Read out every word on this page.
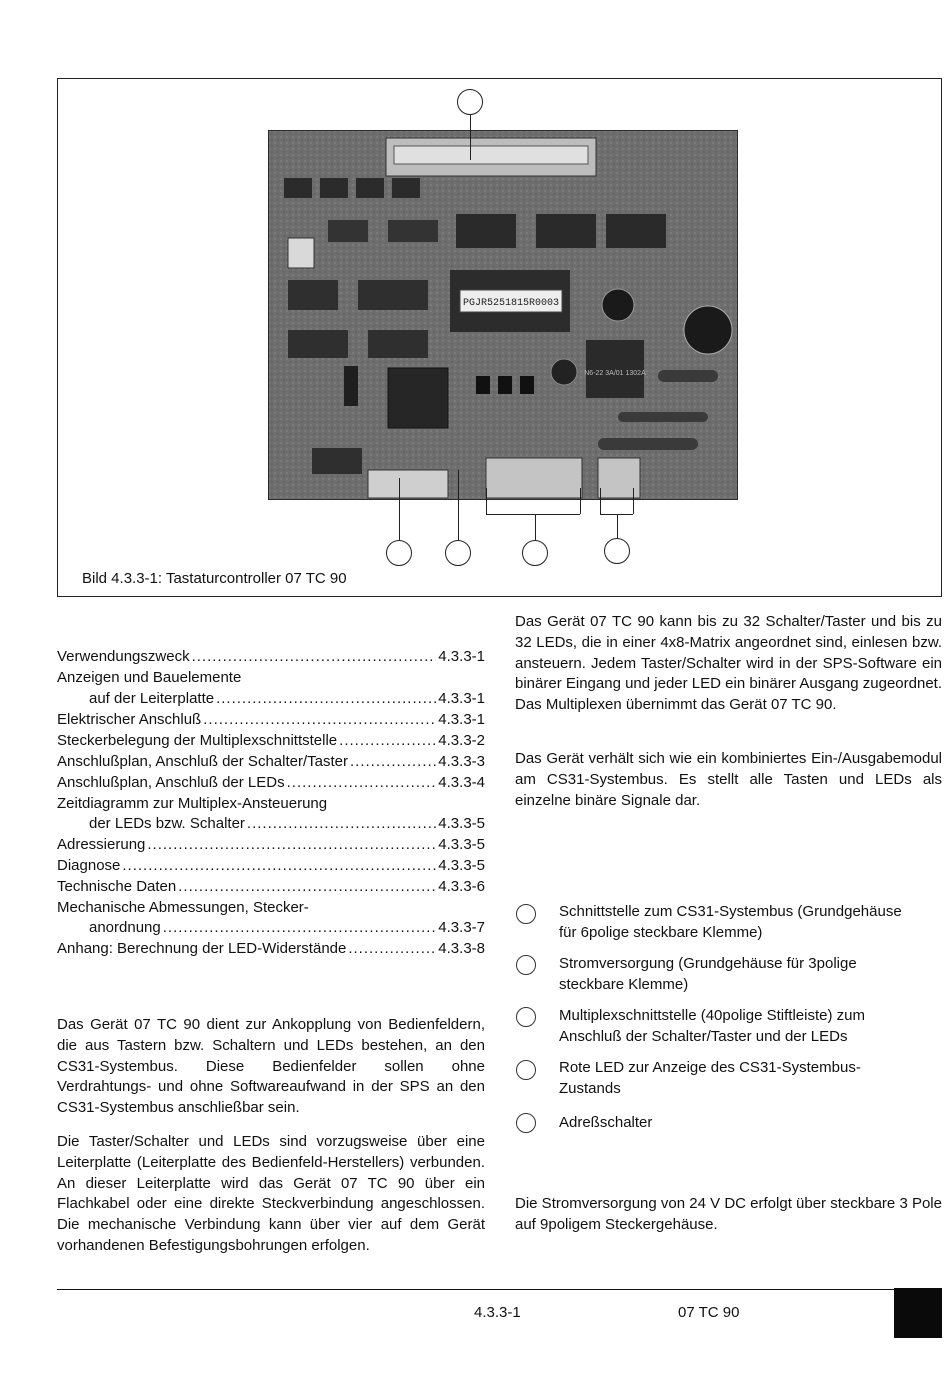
PGJR5251815R0003
N6-22 3A/01 1302A
Bild 4.3.3-1: Tastaturcontroller 07 TC 90
Verwendungszweck .....	4.3.3-1
Anzeigen und Bauelemente
auf der Leiterplatte .....	4.3.3-1
Elektrischer Anschluß .....	4.3.3-1
Steckerbelegung der Multiplexschnittstelle .....	4.3.3-2
Anschlußplan, Anschluß der Schalter/Taster .....	4.3.3-3
Anschlußplan, Anschluß der LEDs .....	4.3.3-4
Zeitdiagramm zur Multiplex-Ansteuerung
der LEDs bzw. Schalter .....	4.3.3-5
Adressierung .....	4.3.3-5
Diagnose .....	4.3.3-5
Technische Daten .....	4.3.3-6
Mechanische Abmessungen, Stecker-
anordnung .....	4.3.3-7
Anhang: Berechnung der LED-Widerstände .....	4.3.3-8
Das Gerät 07 TC 90 dient zur Ankopplung von Bedienfeldern, die aus Tastern bzw. Schaltern und LEDs bestehen, an den CS31-Systembus. Diese Bedienfelder sollen ohne Verdrahtungs- und ohne Softwareaufwand in der SPS an den CS31-Systembus anschließbar sein.
Die Taster/Schalter und LEDs sind vorzugsweise über eine Leiterplatte (Leiterplatte des Bedienfeld-Herstellers) verbunden. An dieser Leiterplatte wird das Gerät 07 TC 90 über ein Flachkabel oder eine direkte Steckverbindung angeschlossen. Die mechanische Verbindung kann über vier auf dem Gerät vorhandenen Befestigungsbohrungen erfolgen.
Das Gerät 07 TC 90 kann bis zu 32 Schalter/Taster und bis zu 32 LEDs, die in einer 4x8-Matrix angeordnet sind, einlesen bzw. ansteuern. Jedem Taster/Schalter wird in der SPS-Software ein binärer Eingang und jeder LED ein binärer Ausgang zugeordnet. Das Multiplexen übernimmt das Gerät 07 TC 90.
Das Gerät verhält sich wie ein kombiniertes Ein-/Ausgabemodul am CS31-Systembus. Es stellt alle Tasten und LEDs als einzelne binäre Signale dar.
Schnittstelle zum CS31-Systembus (Grundgehäuse für 6polige steckbare Klemme)
Stromversorgung (Grundgehäuse für 3polige steckbare Klemme)
Multiplexschnittstelle (40polige Stiftleiste) zum Anschluß der Schalter/Taster und der LEDs
Rote LED zur Anzeige des CS31-Systembus-Zustands
Adreßschalter
Die Stromversorgung von 24 V DC erfolgt über steckbare 3 Pole auf 9poligem Steckergehäuse.
4.3.3-1	07 TC 90
